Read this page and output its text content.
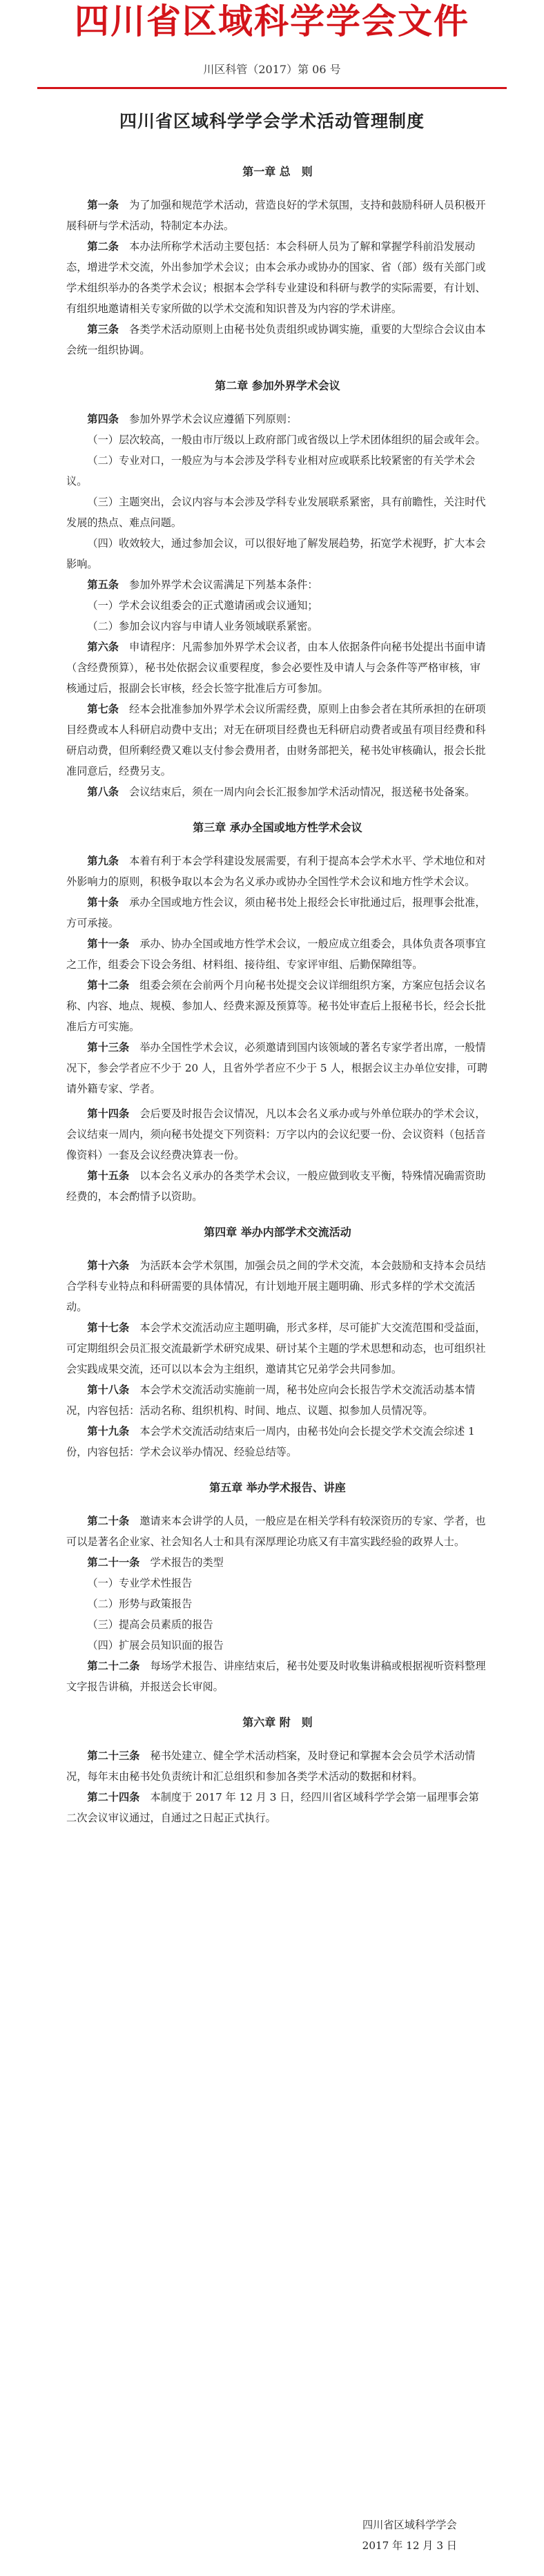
四川省区域科学学会文件
川区科管（2017）第 06 号
四川省区域科学学会学术活动管理制度
第一章 总　则

第一条　 为了加强和规范学术活动，营造良好的学术氛围，支持和鼓励科研人员积极开展科研与学术活动，特制定本办法。

第二条　 本办法所称学术活动主要包括：本会科研人员为了解和掌握学科前沿发展动态，增进学术交流，外出参加学术会议；由本会承办或协办的国家、省（部）级有关部门或学术组织举办的各类学术会议；根据本会学科专业建设和科研与教学的实际需要，有计划、有组织地邀请相关专家所做的以学术交流和知识普及为内容的学术讲座。

第三条　 各类学术活动原则上由秘书处负责组织或协调实施，重要的大型综合会议由本会统一组织协调。

第二章 参加外界学术会议

第四条　 参加外界学术会议应遵循下列原则：

（一）层次较高，一般由市厅级以上政府部门或省级以上学术团体组织的届会或年会。

（二）专业对口，一般应为与本会涉及学科专业相对应或联系比较紧密的有关学术会议。

（三）主题突出，会议内容与本会涉及学科专业发展联系紧密，具有前瞻性，关注时代发展的热点、难点问题。

（四）收效较大，通过参加会议，可以很好地了解发展趋势，拓宽学术视野，扩大本会影响。

第五条　 参加外界学术会议需满足下列基本条件：

（一）学术会议组委会的正式邀请函或会议通知；

（二）参加会议内容与申请人业务领域联系紧密。

第六条　 申请程序：凡需参加外界学术会议者，由本人依据条件向秘书处提出书面申请（含经费预算），秘书处依据会议重要程度，参会必要性及申请人与会条件等严格审核，审核通过后，报副会长审核，经会长签字批准后方可参加。

第七条　 经本会批准参加外界学术会议所需经费，原则上由参会者在其所承担的在研项目经费或本人科研启动费中支出；对无在研项目经费也无科研启动费者或虽有项目经费和科研启动费，但所剩经费又难以支付参会费用者，由财务部把关，秘书处审核确认，报会长批准同意后，经费另支。

第八条　 会议结束后，须在一周内向会长汇报参加学术活动情况，报送秘书处备案。

第三章 承办全国或地方性学术会议

第九条　 本着有利于本会学科建设发展需要，有利于提高本会学术水平、学术地位和对外影响力的原则，积极争取以本会为名义承办或协办全国性学术会议和地方性学术会议。

第十条　 承办全国或地方性会议，须由秘书处上报经会长审批通过后，报理事会批准，方可承接。

第十一条　 承办、协办全国或地方性学术会议，一般应成立组委会，具体负责各项事宜之工作，组委会下设会务组、材料组、接待组、专家评审组、后勤保障组等。

第十二条　 组委会须在会前两个月向秘书处提交会议详细组织方案，方案应包括会议名称、内容、地点、规模、参加人、经费来源及预算等。秘书处审查后上报秘书长，经会长批准后方可实施。

第十三条　 举办全国性学术会议，必须邀请到国内该领域的著名专家学者出席，一般情况下，参会学者应不少于 20 人，且省外学者应不少于 5 人，根据会议主办单位安排，可聘请外籍专家、学者。

第十四条　 会后要及时报告会议情况，凡以本会名义承办或与外单位联办的学术会议，会议结束一周内，须向秘书处提交下列资料：万字以内的会议纪要一份、会议资料（包括音像资料）一套及会议经费决算表一份。

第十五条　 以本会名义承办的各类学术会议，一般应做到收支平衡，特殊情况确需资助经费的，本会酌情予以资助。

第四章 举办内部学术交流活动

第十六条　 为活跃本会学术氛围，加强会员之间的学术交流，本会鼓励和支持本会员结合学科专业特点和科研需要的具体情况，有计划地开展主题明确、形式多样的学术交流活动。

第十七条　 本会学术交流活动应主题明确，形式多样，尽可能扩大交流范围和受益面，可定期组织会员汇报交流最新学术研究成果、研讨某个主题的学术思想和动态，也可组织社会实践成果交流，还可以以本会为主组织，邀请其它兄弟学会共同参加。

第十八条　 本会学术交流活动实施前一周，秘书处应向会长报告学术交流活动基本情况，内容包括：活动名称、组织机构、时间、地点、议题、拟参加人员情况等。

第十九条　 本会学术交流活动结束后一周内，由秘书处向会长提交学术交流会综述 1 份，内容包括：学术会议举办情况、经验总结等。

第五章 举办学术报告、讲座

第二十条　 邀请来本会讲学的人员，一般应是在相关学科有较深资历的专家、学者，也可以是著名企业家、社会知名人士和具有深厚理论功底又有丰富实践经验的政界人士。

第二十一条　 学术报告的类型

（一）专业学术性报告

（二）形势与政策报告

（三）提高会员素质的报告

（四）扩展会员知识面的报告

第二十二条　 每场学术报告、讲座结束后，秘书处要及时收集讲稿或根据视听资料整理文字报告讲稿，并报送会长审阅。

第六章 附　则

第二十三条　 秘书处建立、健全学术活动档案，及时登记和掌握本会会员学术活动情况，每年末由秘书处负责统计和汇总组织和参加各类学术活动的数据和材料。

第二十四条　 本制度于 2017 年 12 月 3 日，经四川省区域科学学会第一届理事会第二次会议审议通过，自通过之日起正式执行。

四川省区域科学学会
2017 年 12 月 3 日
